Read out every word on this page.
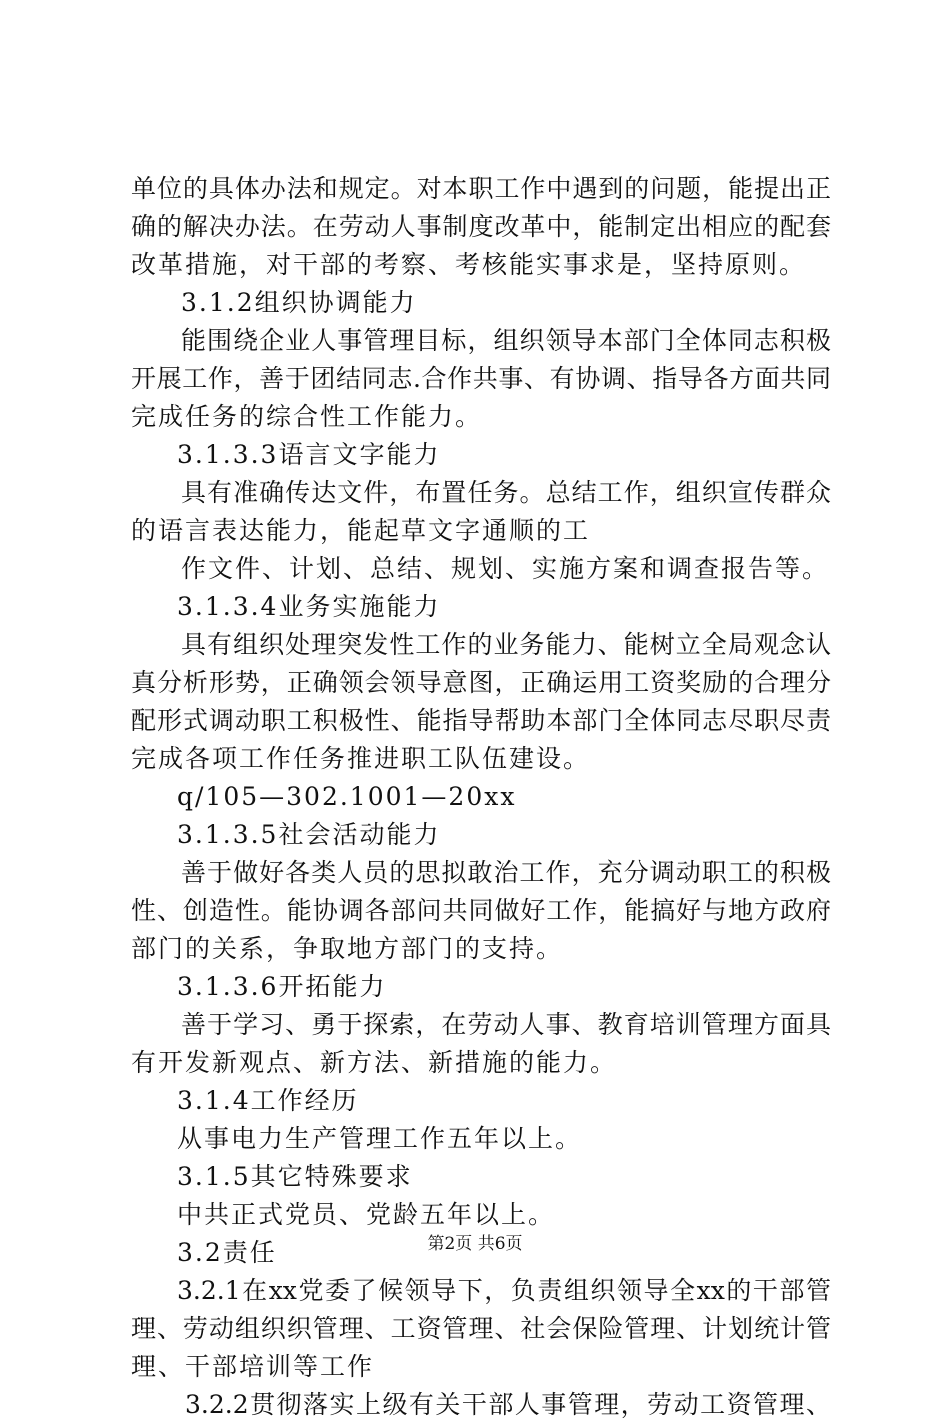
单位的具体办法和规定。对本职工作中遇到的问题，能提出正
确的解决办法。在劳动人事制度改革中，能制定出相应的配套
改革措施，对干部的考察、考核能实事求是，坚持原则。
3.1.2组织协调能力
能围绕企业人事管理目标，组织领导本部门全体同志积极
开展工作，善于团结同志.合作共事、有协调、指导各方面共同
完成任务的综合性工作能力。
3.1.3.3语言文字能力
具有准确传达文件，布置任务。总结工作，组织宣传群众
的语言表达能力，能起草文字通顺的工
作文件、计划、总结、规划、实施方案和调查报告等。
3.1.3.4业务实施能力
具有组织处理突发性工作的业务能力、能树立全局观念认
真分析形势，正确领会领导意图，正确运用工资奖励的合理分
配形式调动职工积极性、能指导帮助本部门全体同志尽职尽责
完成各项工作任务推进职工队伍建设。
q/105—302.1001—20xx
3.1.3.5社会活动能力
善于做好各类人员的思拟敢治工作，充分调动职工的积极
性、创造性。能协调各部问共同做好工作，能搞好与地方政府
部门的关系，争取地方部门的支持。
3.1.3.6开拓能力
善于学习、勇于探索，在劳动人事、教育培训管理方面具
有开发新观点、新方法、新措施的能力。
3.1.4工作经历
从事电力生产管理工作五年以上。
3.1.5其它特殊要求
中共正式党员、党龄五年以上。
3.2责任
3.2.1在xx党委了候领导下，负责组织领导全xx的干部管
理、劳动组织织管理、工资管理、社会保险管理、计划统计管
理、干部培训等工作
3.2.2贯彻落实上级有关干部人事管理，劳动工资管理、
第2页 共6页
